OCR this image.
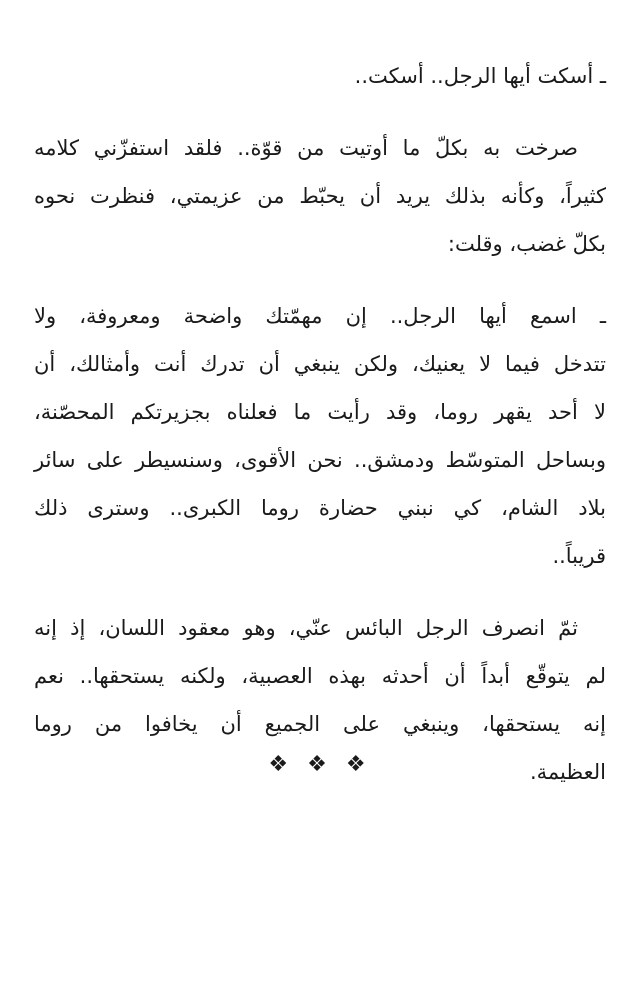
ـ أسكت أيها الرجل.. أسكت..
صرخت به بكلّ ما أوتيت من قوّة.. فلقد استفزّني كلامه
كثيراً، وكأنه بذلك يريد أن يحبّط من عزيمتي، فنظرت نحوه
بكلّ غضب، وقلت:
ـ اسمع أيها الرجل.. إن مهمّتك واضحة ومعروفة، ولا
تتدخل فيما لا يعنيك، ولكن ينبغي أن تدرك أنت وأمثالك، أن
لا أحد يقهر روما، وقد رأيت ما فعلناه بجزيرتكم المحصّنة،
وبساحل المتوسّط ودمشق.. نحن الأقوى، وسنسيطر على سائر
بلاد الشام، كي نبني حضارة روما الكبرى.. وسترى ذلك
قريباً..
ثمّ انصرف الرجل البائس عنّي، وهو معقود اللسان، إذ إنه
لم يتوقّع أبداً أن أحدثه بهذه العصبية، ولكنه يستحقها.. نعم
إنه يستحقها، وينبغي على الجميع أن يخافوا من روما
العظيمة.
❖ ❖ ❖
